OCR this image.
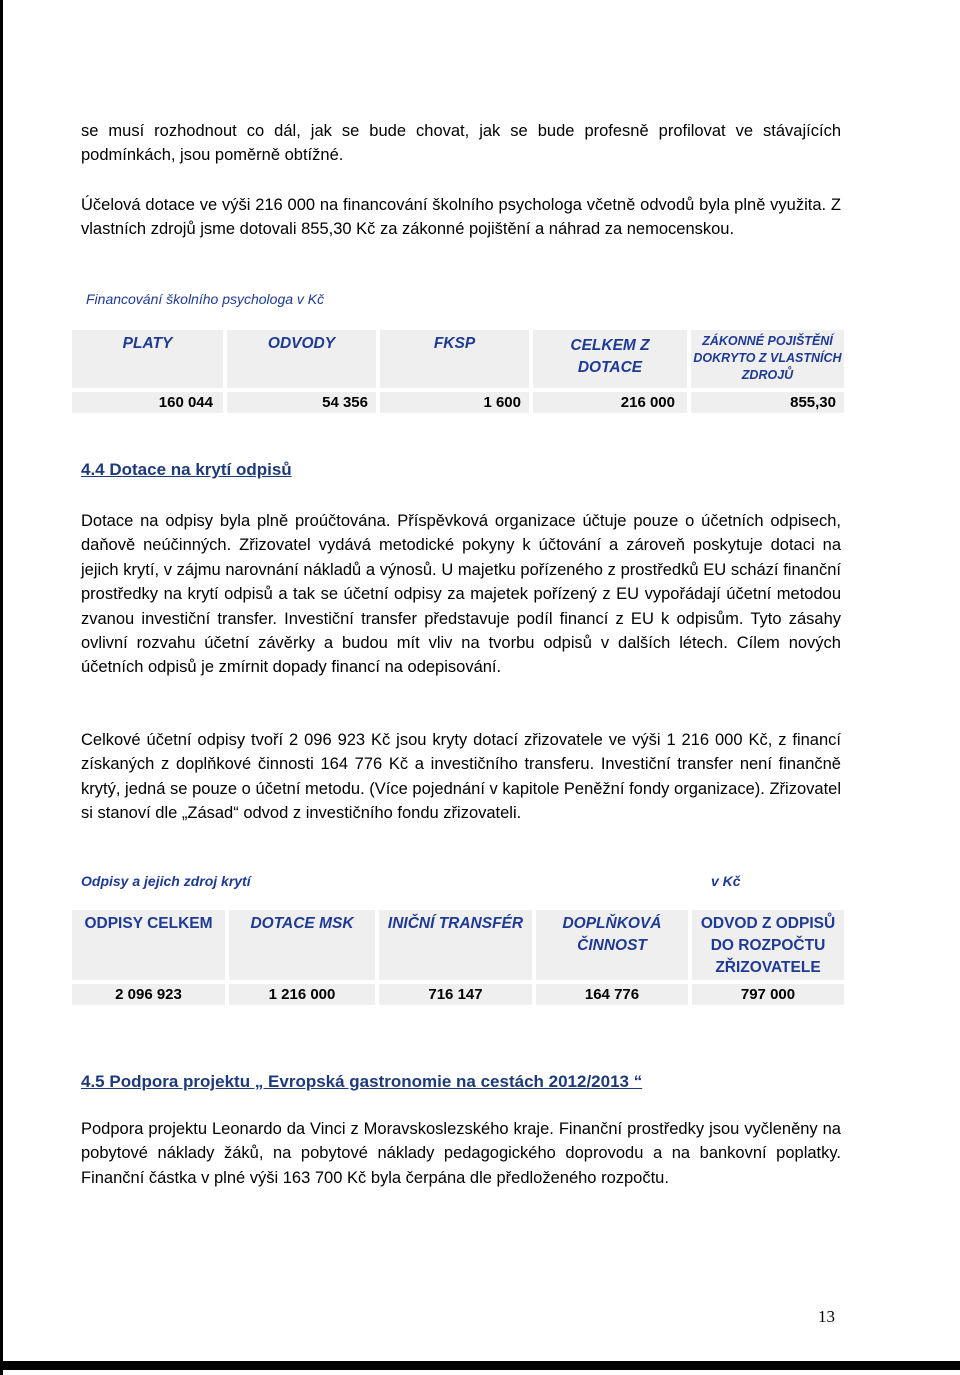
se musí rozhodnout co dál, jak se bude chovat, jak se bude profesně profilovat ve stávajících podmínkách, jsou poměrně obtížné.

Účelová dotace ve výši 216 000 na financování školního psychologa včetně odvodů byla plně využita. Z vlastních zdrojů jsme dotovali 855,30 Kč za zákonné pojištění a náhrad za nemocenskou.

Financování školního psychologa v Kč

PLATY	ODVODY	FKSP	CELKEM Z DOTACE	ZÁKONNÉ POJIŠTĚNÍ DOKRYTO Z VLASTNÍCH ZDROJŮ

160 044	54 356	1 600	216 000	855,30
4.4 Dotace na krytí odpisů

Dotace na odpisy byla plně proúčtována. Příspěvková organizace účtuje pouze o účetních odpisech, daňově neúčinných. Zřizovatel vydává metodické pokyny k účtování a zároveň poskytuje dotaci na jejich krytí, v zájmu narovnání nákladů a výnosů. U majetku pořízeného z prostředků EU schází finanční prostředky na krytí odpisů a tak se účetní odpisy za majetek pořízený z EU vypořádají účetní metodou zvanou investiční transfer. Investiční transfer představuje podíl financí z EU k odpisům. Tyto zásahy ovlivní rozvahu účetní závěrky a budou mít vliv na tvorbu odpisů v dalších létech. Cílem nových účetních odpisů je zmírnit dopady financí na odepisování.

Celkové účetní odpisy tvoří 2 096 923 Kč jsou kryty dotací zřizovatele ve výši 1 216 000 Kč, z financí získaných z doplňkové činnosti 164 776 Kč a investičního transferu. Investiční transfer není finančně krytý, jedná se pouze o účetní metodu. (Více pojednání v kapitole Peněžní fondy organizace). Zřizovatel si stanoví dle „Zásad“ odvod z investičního fondu zřizovateli.

Odpisy a jejich zdroj krytí	v Kč

ODPISY CELKEM	DOTACE MSK	INIČNÍ TRANSFÉR	DOPLŇKOVÁ ČINNOST	ODVOD Z ODPISŮ DO ROZPOČTU ZŘIZOVATELE

2 096 923	1 216 000	716 147	164 776	797 000
4.5 Podpora projektu „ Evropská gastronomie na cestách 2012/2013 “

Podpora projektu Leonardo da Vinci z Moravskoslezského kraje. Finanční prostředky jsou vyčleněny na pobytové náklady žáků, na pobytové náklady pedagogického doprovodu a na bankovní poplatky. Finanční částka v plné výši 163 700 Kč byla čerpána dle předloženého rozpočtu.

13
